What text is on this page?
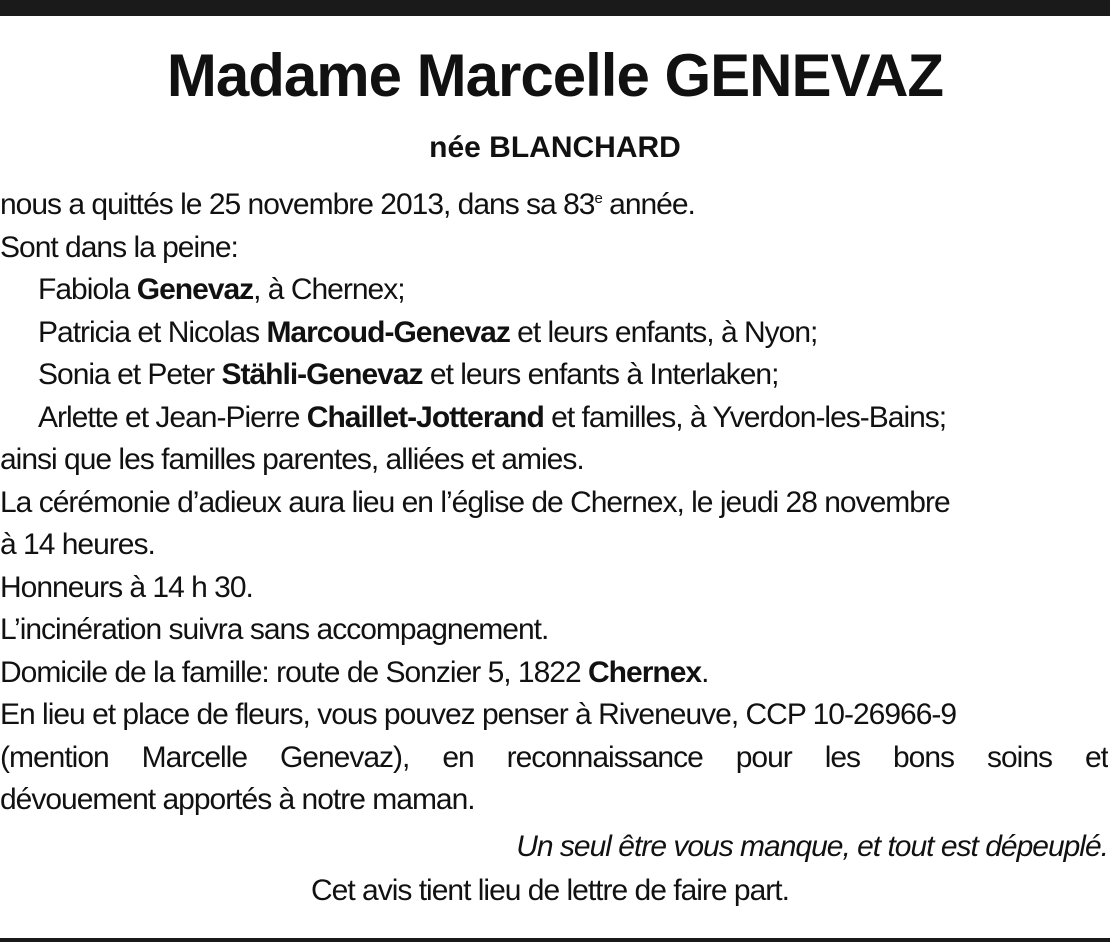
Madame Marcelle GENEVAZ
née BLANCHARD
nous a quittés le 25 novembre 2013, dans sa 83e année.
Sont dans la peine:
Fabiola Genevaz, à Chernex;
Patricia et Nicolas Marcoud-Genevaz et leurs enfants, à Nyon;
Sonia et Peter Stähli-Genevaz et leurs enfants à Interlaken;
Arlette et Jean-Pierre Chaillet-Jotterand et familles, à Yverdon-les-Bains;
ainsi que les familles parentes, alliées et amies.
La cérémonie d’adieux aura lieu en l’église de Chernex, le jeudi 28 novembre
à 14 heures.
Honneurs à 14 h 30.
L’incinération suivra sans accompagnement.
Domicile de la famille: route de Sonzier 5, 1822 Chernex.
En lieu et place de fleurs, vous pouvez penser à Riveneuve, CCP 10-26966-9
(mention Marcelle Genevaz), en reconnaissance pour les bons soins et
dévouement apportés à notre maman.
Un seul être vous manque, et tout est dépeuplé.
Cet avis tient lieu de lettre de faire part.
